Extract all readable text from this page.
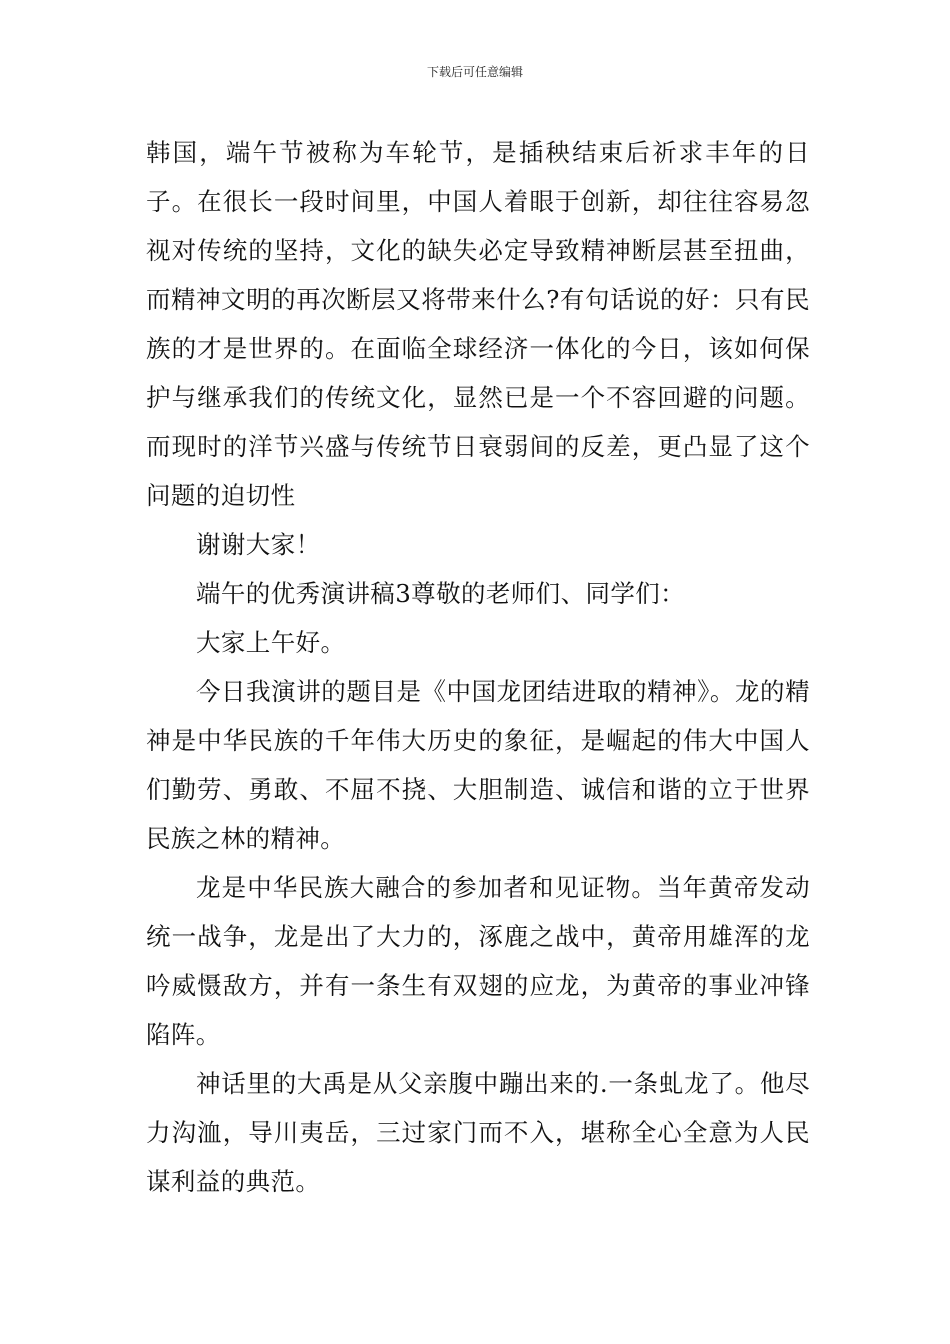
下载后可任意编辑

韩国，端午节被称为车轮节，是插秧结束后祈求丰年的日子。在很长一段时间里，中国人着眼于创新，却往往容易忽视对传统的坚持，文化的缺失必定导致精神断层甚至扭曲，而精神文明的再次断层又将带来什么?有句话说的好：只有民族的才是世界的。在面临全球经济一体化的今日，该如何保护与继承我们的传统文化，显然已是一个不容回避的问题。而现时的洋节兴盛与传统节日衰弱间的反差，更凸显了这个问题的迫切性

谢谢大家！

端午的优秀演讲稿3尊敬的老师们、同学们：

大家上午好。

今日我演讲的题目是《中国龙团结进取的精神》。龙的精神是中华民族的千年伟大历史的象征，是崛起的伟大中国人们勤劳、勇敢、不屈不挠、大胆制造、诚信和谐的立于世界民族之林的精神。

龙是中华民族大融合的参加者和见证物。当年黄帝发动统一战争，龙是出了大力的，涿鹿之战中，黄帝用雄浑的龙吟威慑敌方，并有一条生有双翅的应龙，为黄帝的事业冲锋陷阵。

神话里的大禹是从父亲腹中蹦出来的.一条虬龙了。他尽力沟洫，导川夷岳，三过家门而不入，堪称全心全意为人民谋利益的典范。
